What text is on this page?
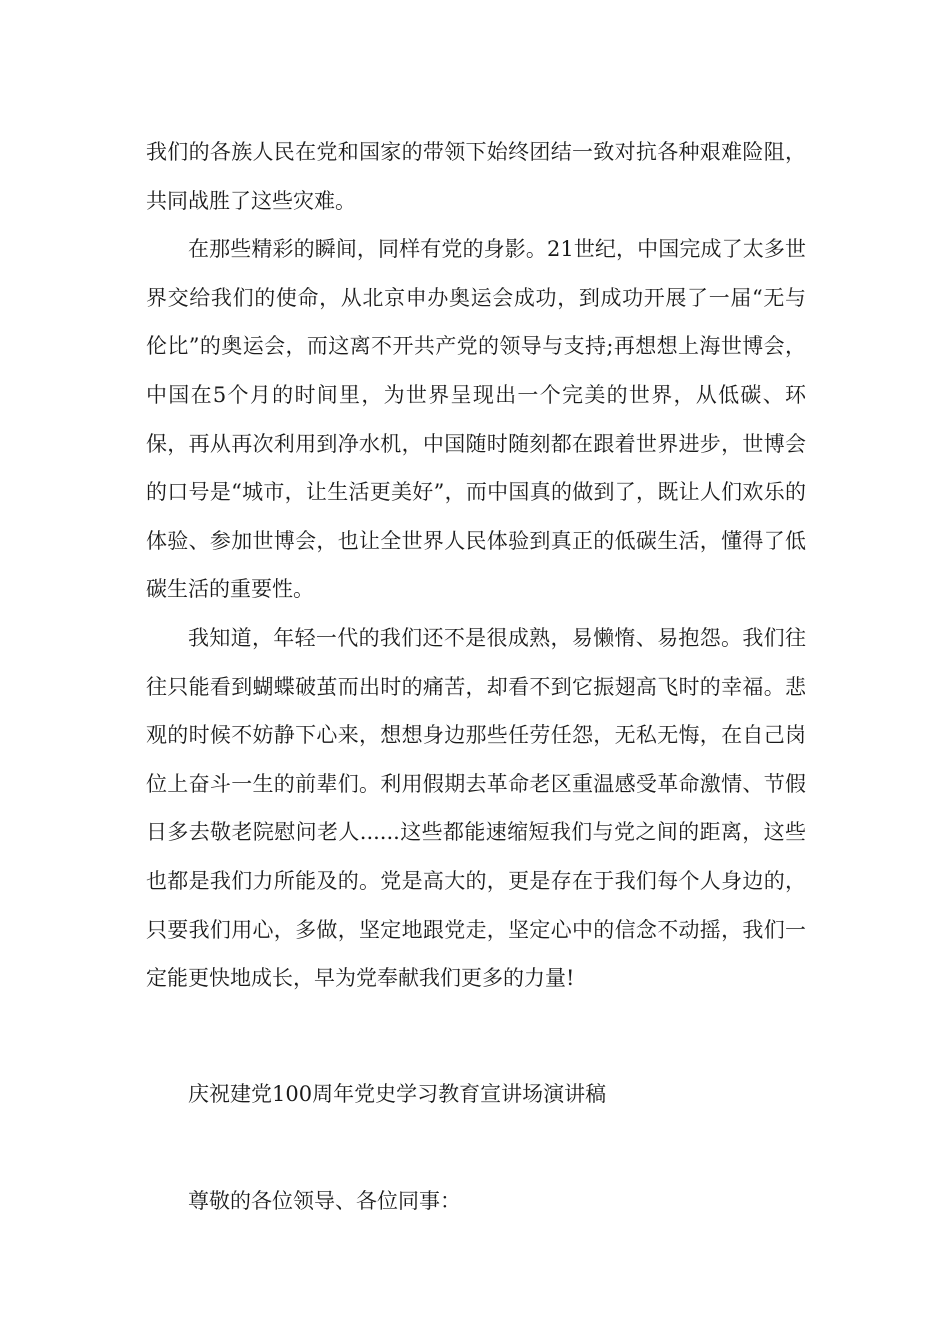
我们的各族人民在党和国家的带领下始终团结一致对抗各种艰难险阻，共同战胜了这些灾难。

在那些精彩的瞬间，同样有党的身影。21世纪，中国完成了太多世界交给我们的使命，从北京申办奥运会成功，到成功开展了一届“无与伦比”的奥运会，而这离不开共产党的领导与支持;再想想上海世博会，中国在5个月的时间里，为世界呈现出一个完美的世界，从低碳、环保，再从再次利用到净水机，中国随时随刻都在跟着世界进步，世博会的口号是“城市，让生活更美好”，而中国真的做到了，既让人们欢乐的体验、参加世博会，也让全世界人民体验到真正的低碳生活，懂得了低碳生活的重要性。

我知道，年轻一代的我们还不是很成熟，易懒惰、易抱怨。我们往往只能看到蝴蝶破茧而出时的痛苦，却看不到它振翅高飞时的幸福。悲观的时候不妨静下心来，想想身边那些任劳任怨，无私无悔，在自己岗位上奋斗一生的前辈们。利用假期去革命老区重温感受革命激情、节假日多去敬老院慰问老人......这些都能速缩短我们与党之间的距离，这些也都是我们力所能及的。党是高大的，更是存在于我们每个人身边的，只要我们用心，多做，坚定地跟党走，坚定心中的信念不动摇，我们一定能更快地成长，早为党奉献我们更多的力量!

庆祝建党100周年党史学习教育宣讲场演讲稿
尊敬的各位领导、各位同事：
